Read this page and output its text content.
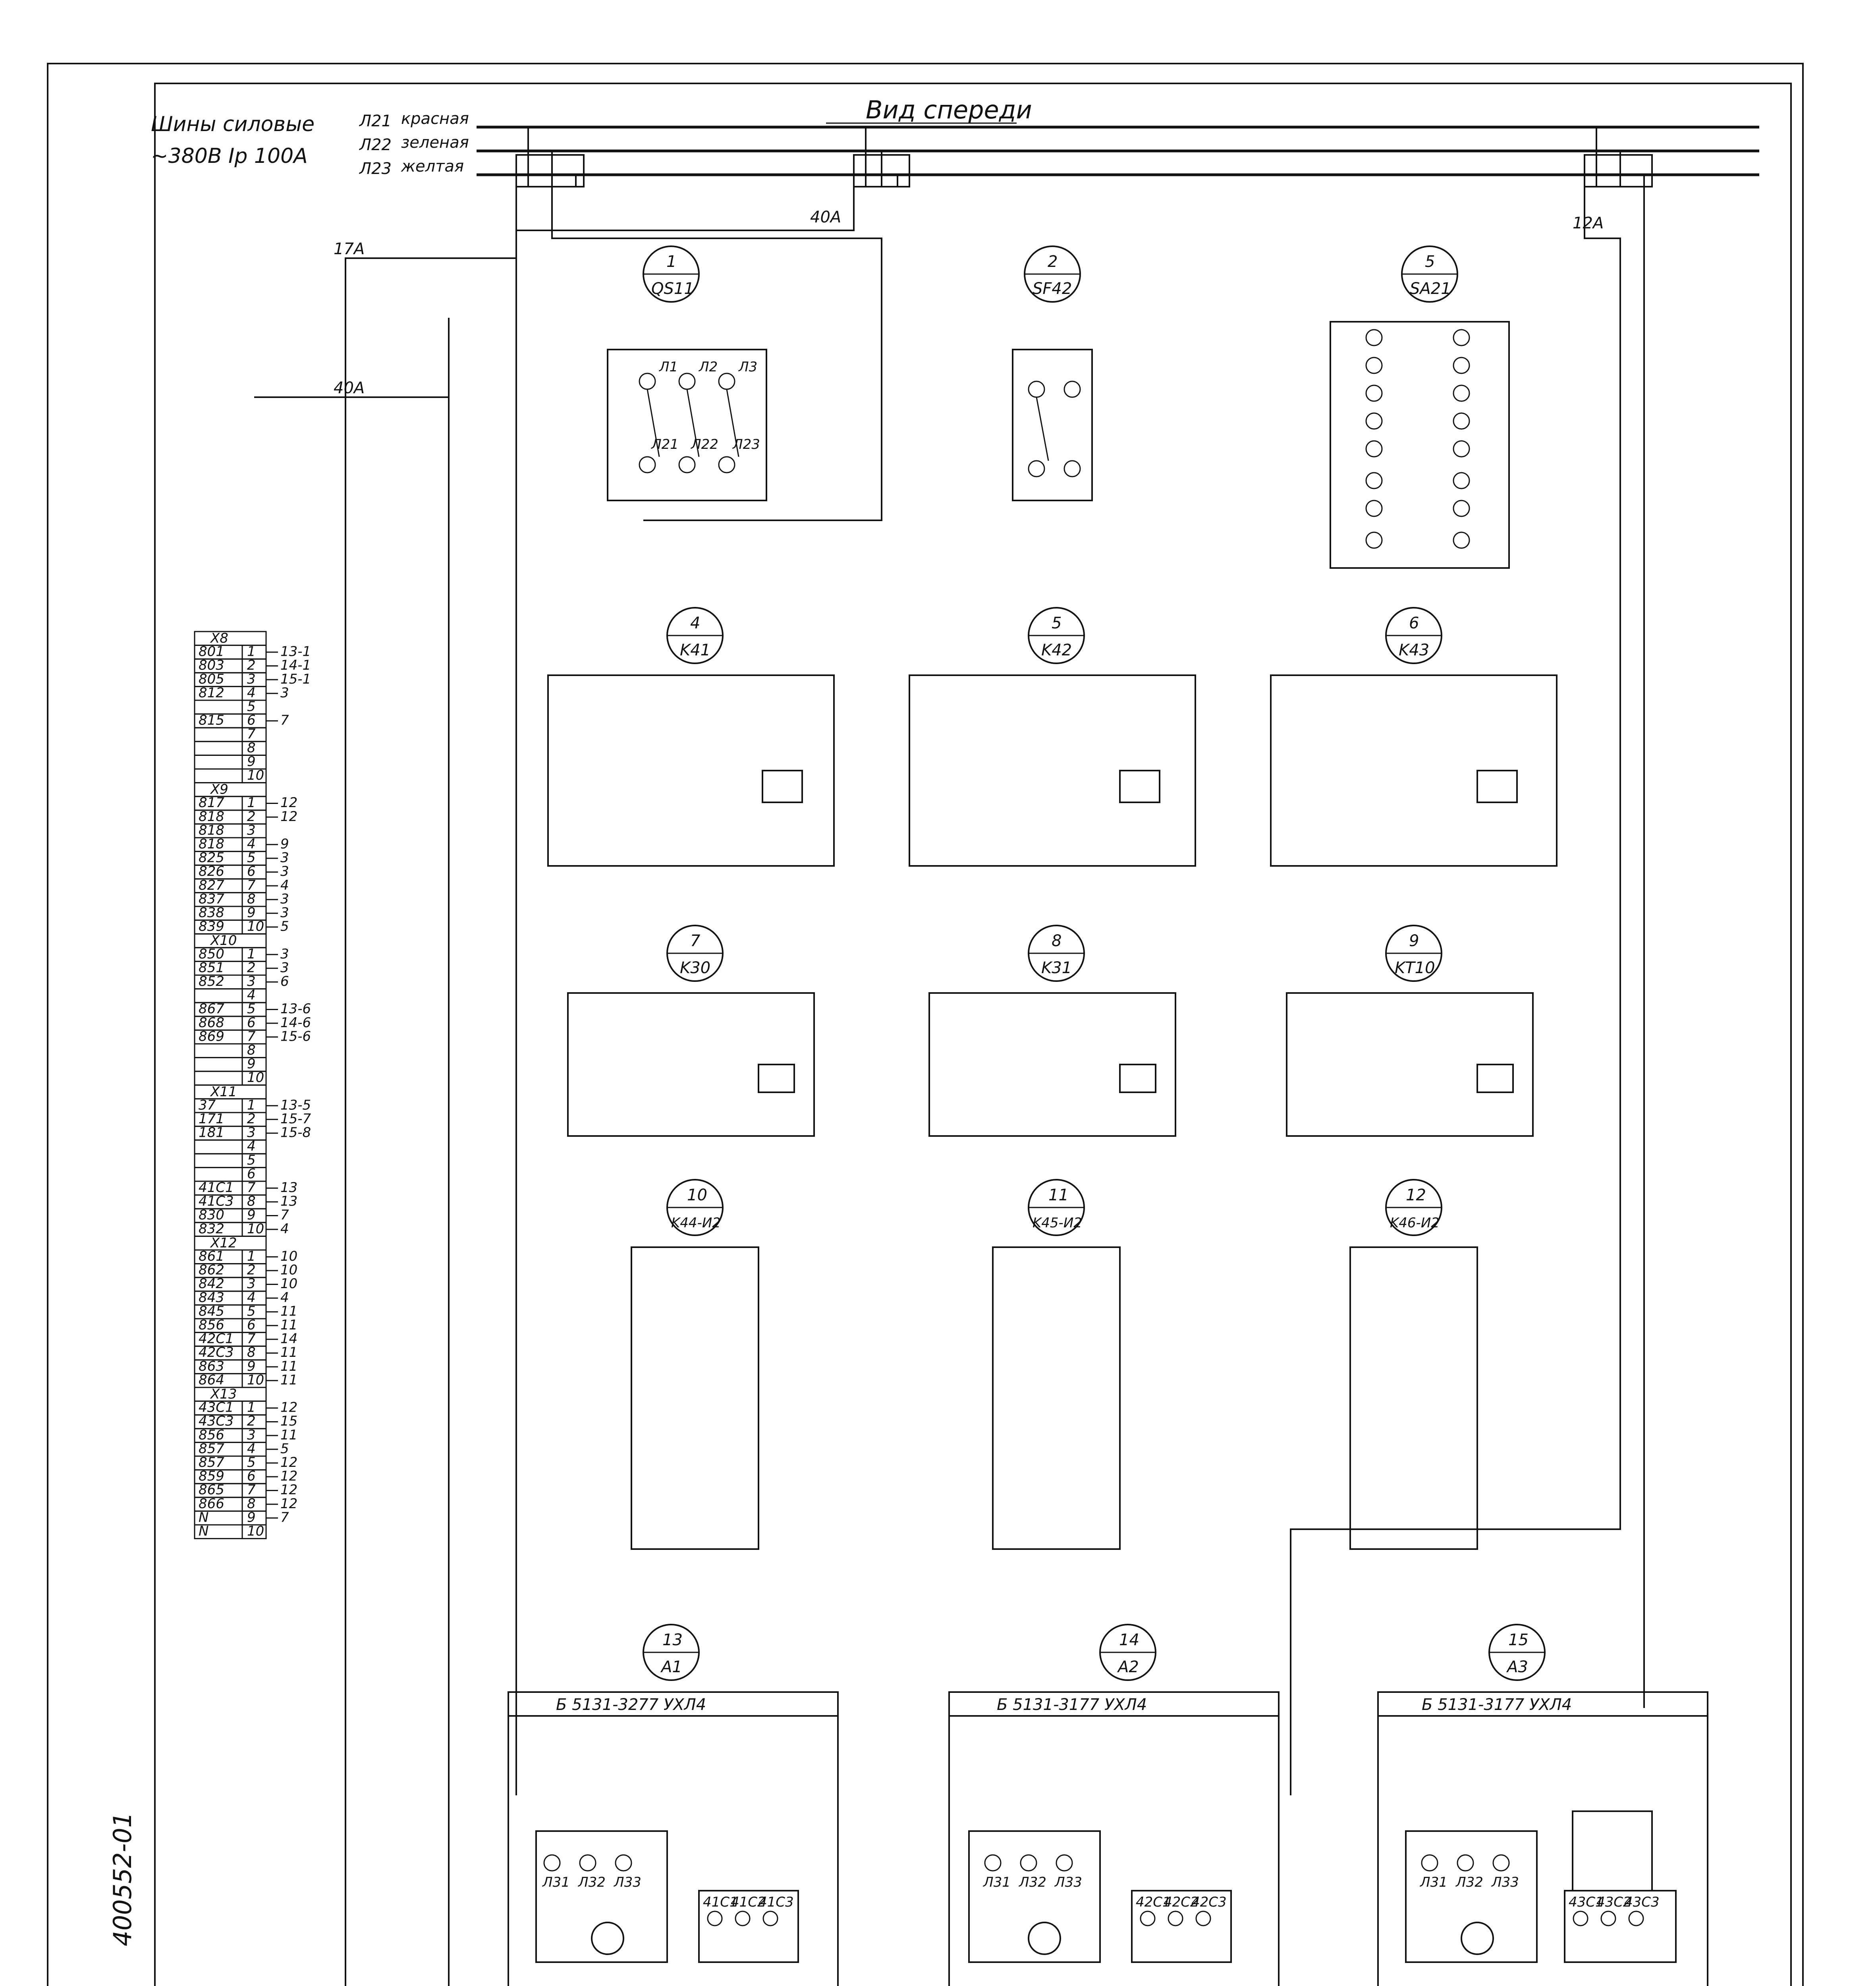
Вид спереди
Шины силовые
~380В Iр 100А
Л21 красная
Л22 зеленая
Л23 желтая
17А
40А
40А
12А
1
QS11
Л1 Л2 Л3
Л21 Л22 Л23
2
SF42
5
SA21
4
K41
5
K42
6
K43
7
K30
8
K31
9
KT10
10
K44-И2
11
K45-И2
12
K46-И2
13
A1
Б 5131-3277 УХЛ4
14
A2
Б 5131-3177 УХЛ4
15
A3
Б 5131-3177 УХЛ4
Л31 Л32 Л33
41С1
41С2
41С3
Л31 Л32 Л33
42С1
42С2
42С3
Л31 Л32 Л33
43С1
43С2
43С3
X8
801 1 13-1
803 2 14-1
805 3 15-1
812 4 3
5
815 6 7
7
8
9
10
X9
817 1 12
818 2 12
818 3
818 4 9
825 5 3
826 6 3
827 7 4
837 8 3
838 9 3
839 10 5
X10
850 1 3
851 2 3
852 3 6
4
867 5 13-6
868 6 14-6
869 7 15-6
8
9
10
X11
37 1 13-5
171 2 15-7
181 3 15-8
4
5
6
41С1 7 13
41С3 8 13
830 9 7
832 10 4
X12
861 1 10
862 2 10
842 3 10
843 4 4
845 5 11
856 6 11
42С1 7 14
42С3 8 11
863 9 11
864 10 11
X13
43С1 1 12
43С3 2 15
856 3 11
857 4 5
857 5 12
859 6 12
865 7 12
866 8 12
N	9 7
N	10
400552-01
